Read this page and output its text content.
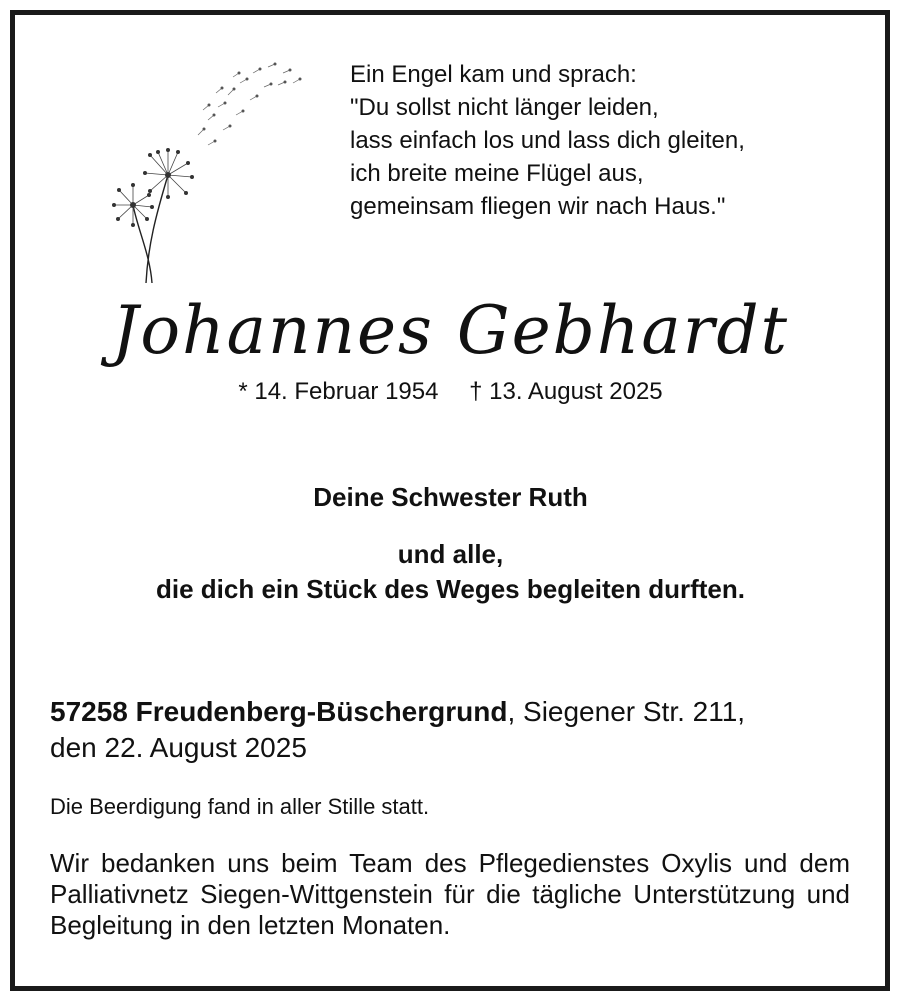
Ein Engel kam und sprach:
"Du sollst nicht länger leiden,
lass einfach los und lass dich gleiten,
ich breite meine Flügel aus,
gemeinsam fliegen wir nach Haus."
Johannes Gebhardt
* 14. Februar 1954 † 13. August 2025
Deine Schwester Ruth
und alle,
die dich ein Stück des Weges begleiten durften.
57258 Freudenberg-Büschergrund, Siegener Str. 211,
den 22. August 2025
Die Beerdigung fand in aller Stille statt.
Wir bedanken uns beim Team des Pflegedienstes Oxylis und dem Palliativnetz Siegen-Wittgenstein für die tägliche Unterstützung und Begleitung in den letzten Monaten.
